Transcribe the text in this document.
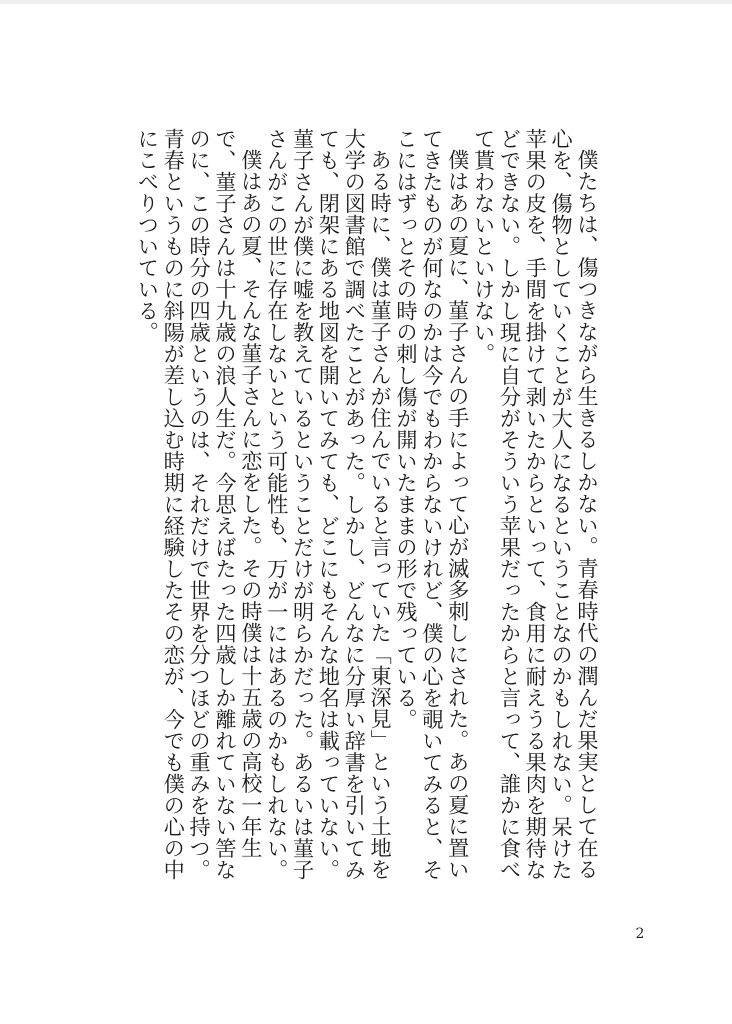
僕たちは、傷つきながら生きるしかない。青春時代の潤んだ果実として在る心を、傷物としていくことが大人になるということなのかもしれない。呆けた苹果の皮を、手間を掛けて剥いたからといって、食用に耐えうる果肉を期待などできない。しかし現に自分がそういう苹果だったからと言って、誰かに食べて貰わないといけない。

僕はあの夏に、菫子さんの手によって心が滅多刺しにされた。あの夏に置いてきたものが何なのかは今でもわからないけれど、僕の心を覗いてみると、そこにはずっとその時の刺し傷が開いたままの形で残っている。

ある時に、僕は菫子さんが住んでいると言っていた「東深見」という土地を大学の図書館で調べたことがあった。しかし、どんなに分厚い辞書を引いてみても、閉架にある地図を開いてみても、どこにもそんな地名は載っていない。菫子さんが僕に嘘を教えているということだけが明らかだった。あるいは菫子さんがこの世に存在しないという可能性も、万が一にはあるのかもしれない。

僕はあの夏、そんな菫子さんに恋をした。その時僕は十五歳の高校一年生で、菫子さんは十九歳の浪人生だ。今思えばたった四歳しか離れていない筈なのに、この時分の四歳というのは、それだけで世界を分つほどの重みを持つ。青春というものに斜陽が差し込む時期に経験したその恋が、今でも僕の心の中にこべりついている。

2
